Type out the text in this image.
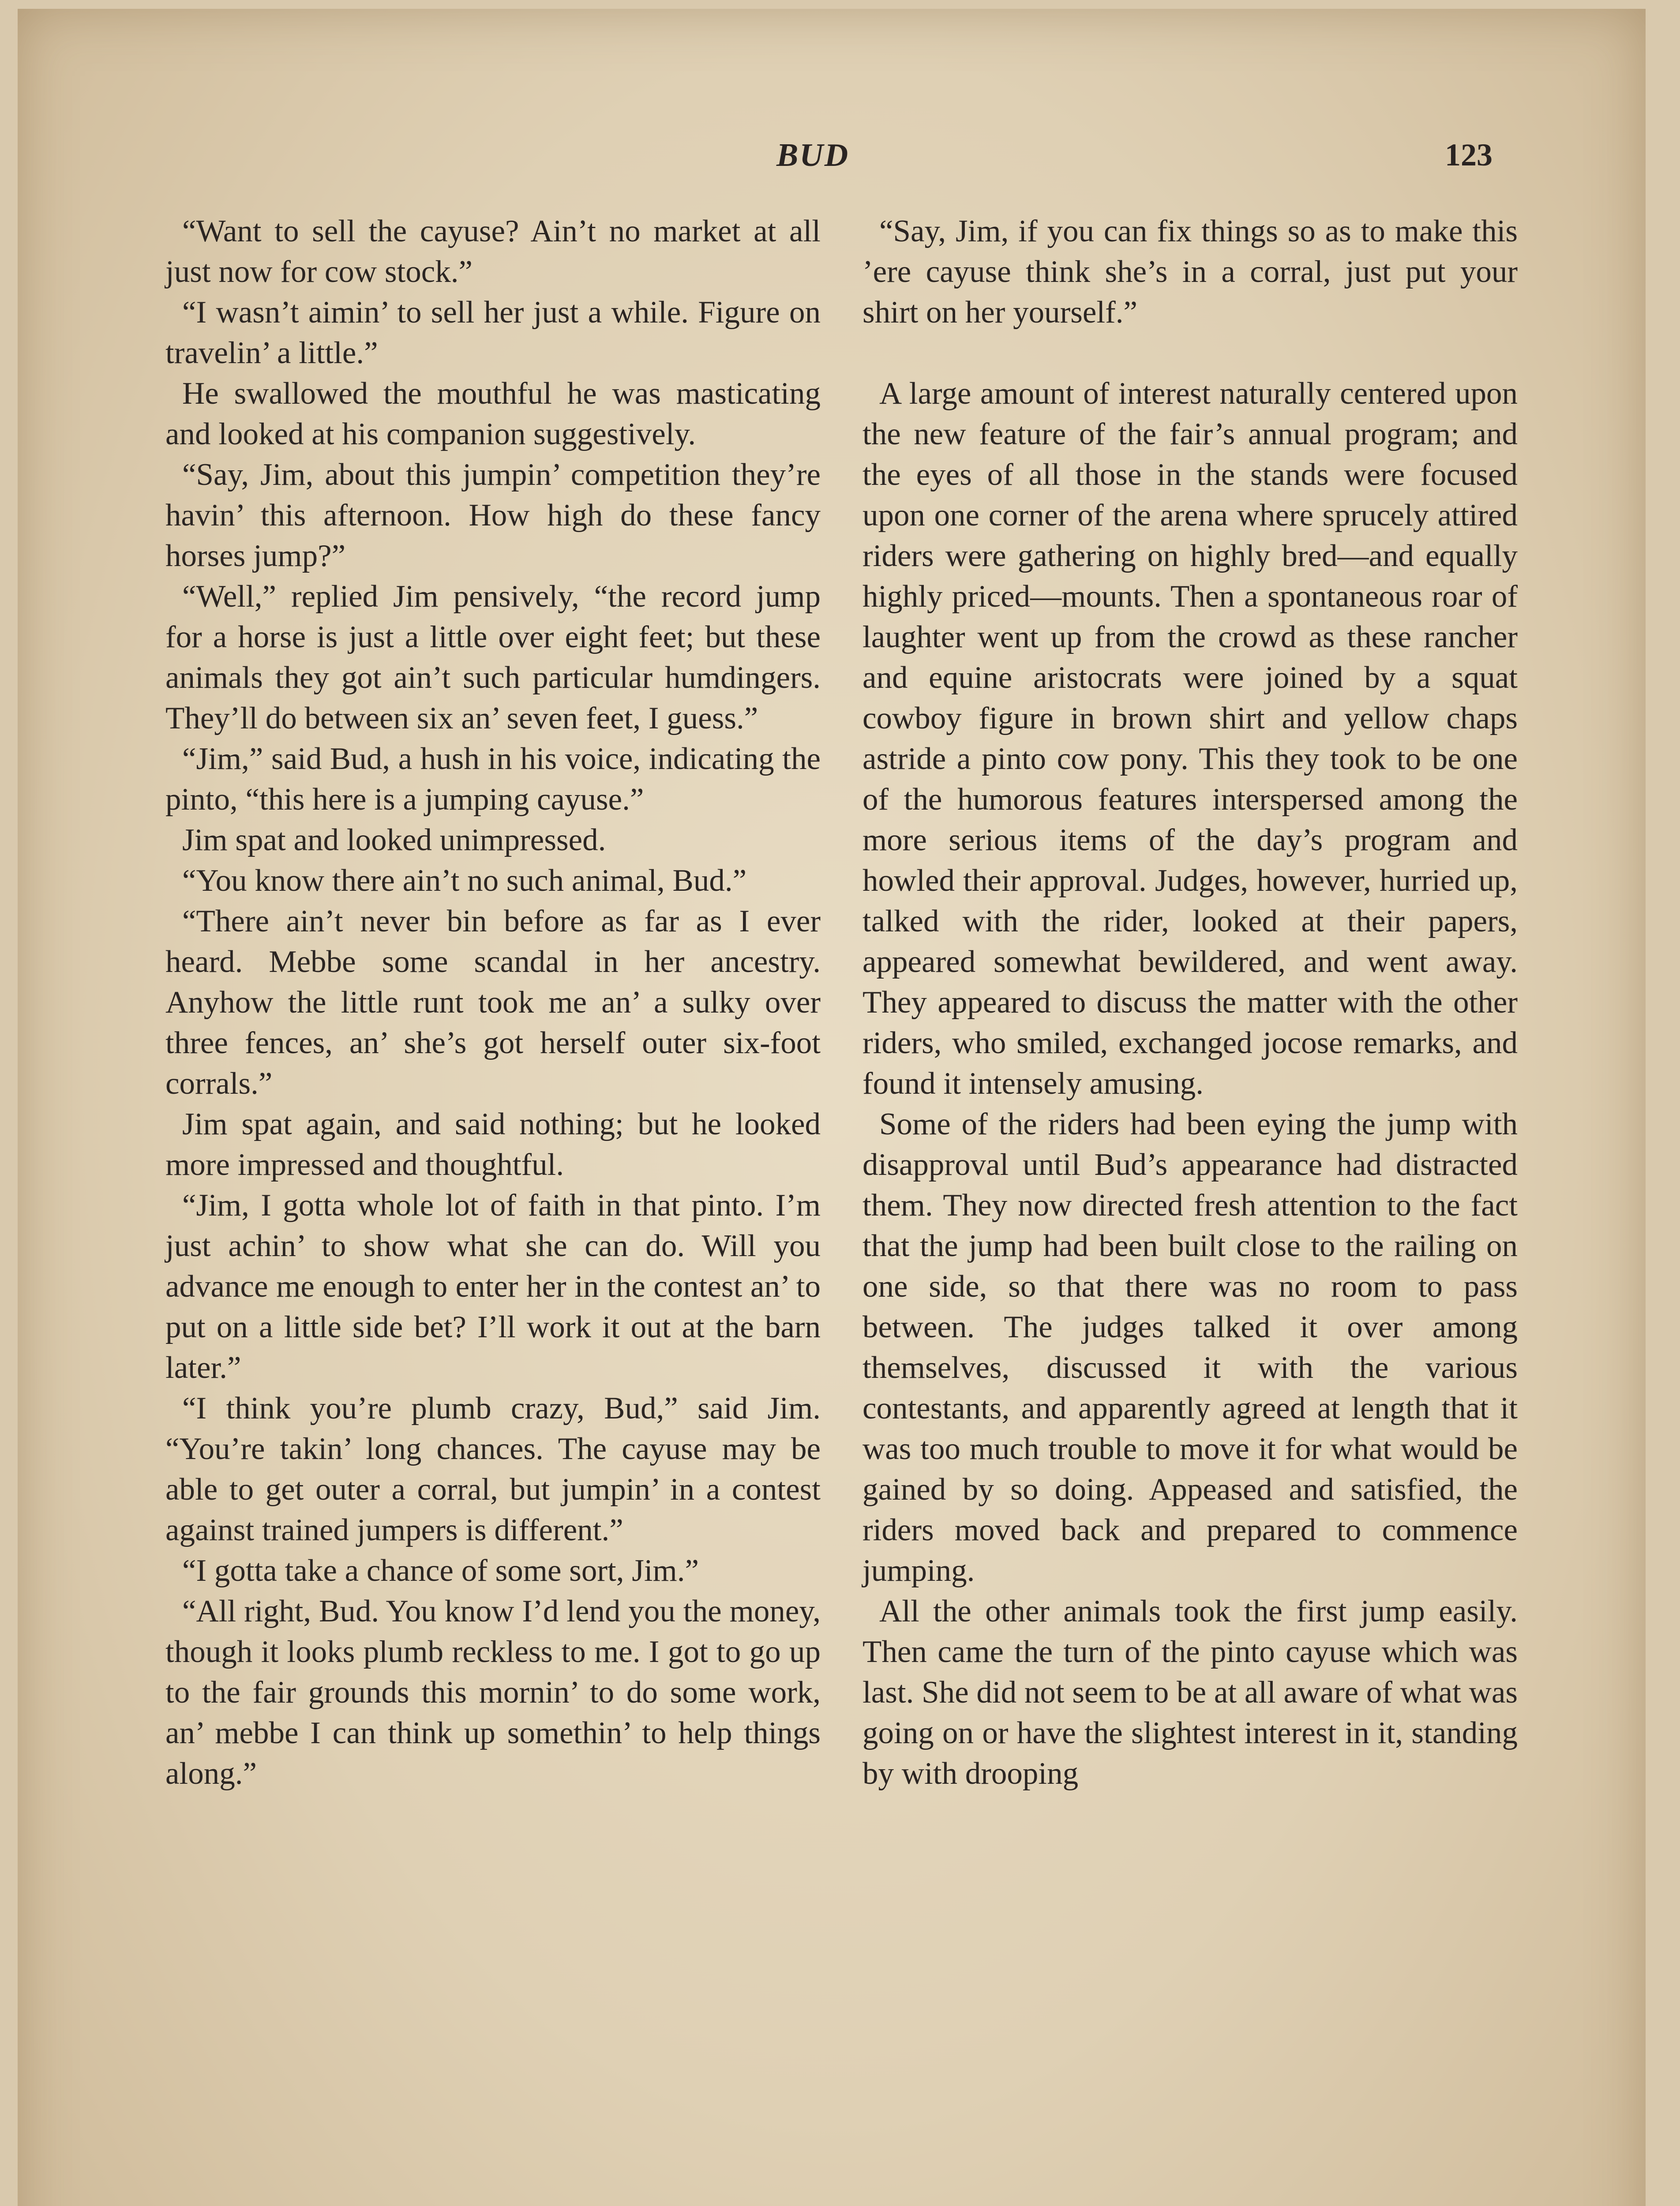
BUD	123

“Want to sell the cayuse? Ain’t no market at all just now for cow stock.”

“I wasn’t aimin’ to sell her just a while. Figure on travelin’ a little.”

He swallowed the mouthful he was masticating and looked at his companion suggestively.

“Say, Jim, about this jumpin’ competition they’re havin’ this afternoon. How high do these fancy horses jump?”

“Well,” replied Jim pensively, “the record jump for a horse is just a little over eight feet; but these animals they got ain’t such particular humdingers. They’ll do between six an’ seven feet, I guess.”

“Jim,” said Bud, a hush in his voice, indicating the pinto, “this here is a jumping cayuse.”

Jim spat and looked unimpressed.

“You know there ain’t no such animal, Bud.”

“There ain’t never bin before as far as I ever heard. Mebbe some scandal in her ancestry. Anyhow the little runt took me an’ a sulky over three fences, an’ she’s got herself outer six-foot corrals.”

Jim spat again, and said nothing; but he looked more impressed and thoughtful.

“Jim, I gotta whole lot of faith in that pinto. I’m just achin’ to show what she can do. Will you advance me enough to enter her in the contest an’ to put on a little side bet? I’ll work it out at the barn later.”

“I think you’re plumb crazy, Bud,” said Jim. “You’re takin’ long chances. The cayuse may be able to get outer a corral, but jumpin’ in a contest against trained jumpers is different.”

“I gotta take a chance of some sort, Jim.”

“All right, Bud. You know I’d lend you the money, though it looks plumb reckless to me. I got to go up to the fair grounds this mornin’ to do some work, an’ mebbe I can think up somethin’ to help things along.”

“Say, Jim, if you can fix things so as to make this ’ere cayuse think she’s in a corral, just put your shirt on her yourself.”

A large amount of interest naturally centered upon the new feature of the fair’s annual program; and the eyes of all those in the stands were focused upon one corner of the arena where sprucely attired riders were gathering on highly bred—and equally highly priced—mounts. Then a spontaneous roar of laughter went up from the crowd as these rancher and equine aristocrats were joined by a squat cowboy figure in brown shirt and yellow chaps astride a pinto cow pony. This they took to be one of the humorous features interspersed among the more serious items of the day’s program and howled their approval. Judges, however, hurried up, talked with the rider, looked at their papers, appeared somewhat bewildered, and went away. They appeared to discuss the matter with the other riders, who smiled, exchanged jocose remarks, and found it intensely amusing.

Some of the riders had been eying the jump with disapproval until Bud’s appearance had distracted them. They now directed fresh attention to the fact that the jump had been built close to the railing on one side, so that there was no room to pass between. The judges talked it over among themselves, discussed it with the various contestants, and apparently agreed at length that it was too much trouble to move it for what would be gained by so doing. Appeased and satisfied, the riders moved back and prepared to commence jumping.

All the other animals took the first jump easily. Then came the turn of the pinto cayuse which was last. She did not seem to be at all aware of what was going on or have the slightest interest in it, standing by with drooping
